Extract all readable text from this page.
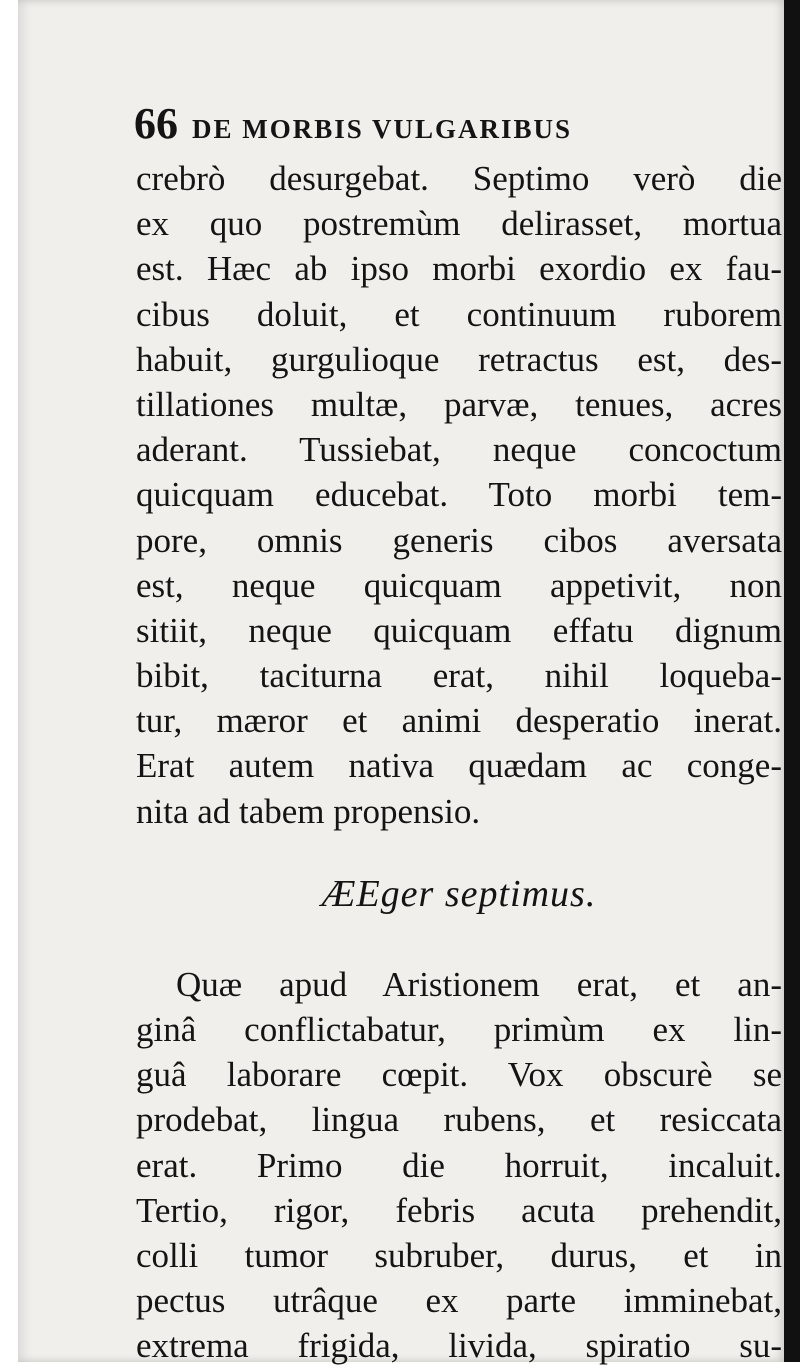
66 DE MORBIS VULGARIBUS
crebrò desurgebat. Septimo verò die
ex quo postremùm delirasset, mortua
est. Hæc ab ipso morbi exordio ex fau-
cibus doluit, et continuum ruborem
habuit, gurgulioque retractus est, des-
tillationes multæ, parvæ, tenues, acres
aderant. Tussiebat, neque concoctum
quicquam educebat. Toto morbi tem-
pore, omnis generis cibos aversata
est, neque quicquam appetivit, non
sitiit, neque quicquam effatu dignum
bibit, taciturna erat, nihil loqueba-
tur, mæror et animi desperatio inerat.
Erat autem nativa quædam ac conge-
nita ad tabem propensio.
ÆEger septimus.
Quæ apud Aristionem erat, et an-
ginâ conflictabatur, primùm ex lin-
guâ laborare cœpit. Vox obscurè se
prodebat, lingua rubens, et resiccata
erat. Primo die horruit, incaluit.
Tertio, rigor, febris acuta prehendit,
colli tumor subruber, durus, et in
pectus utrâque ex parte imminebat,
extrema frigida, livida, spiratio su-
